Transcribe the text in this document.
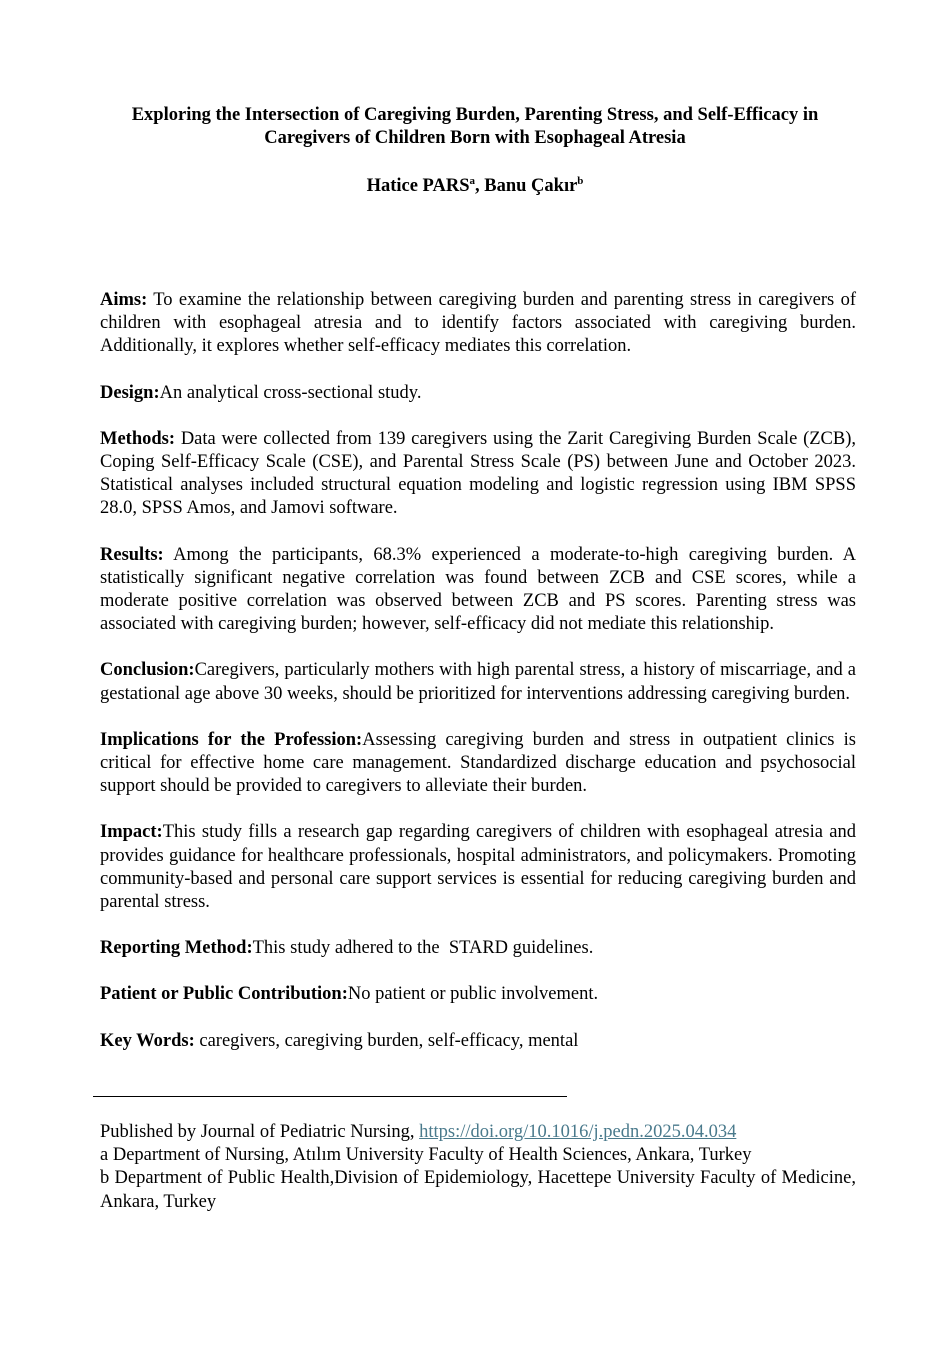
Exploring the Intersection of Caregiving Burden, Parenting Stress, and Self-Efficacy in Caregivers of Children Born with Esophageal Atresia
Hatice PARS$^a$, Banu Çakır$^b$

Aims: To examine the relationship between caregiving burden and parenting stress in caregivers of children with esophageal atresia and to identify factors associated with caregiving burden. Additionally, it explores whether self-efficacy mediates this correlation.

Design:An analytical cross-sectional study.

Methods: Data were collected from 139 caregivers using the Zarit Caregiving Burden Scale (ZCB), Coping Self-Efficacy Scale (CSE), and Parental Stress Scale (PS) between June and October 2023. Statistical analyses included structural equation modeling and logistic regression using IBM SPSS 28.0, SPSS Amos, and Jamovi software.

Results: Among the participants, 68.3% experienced a moderate-to-high caregiving burden. A statistically significant negative correlation was found between ZCB and CSE scores, while a moderate positive correlation was observed between ZCB and PS scores. Parenting stress was associated with caregiving burden; however, self-efficacy did not mediate this relationship.

Conclusion:Caregivers, particularly mothers with high parental stress, a history of miscarriage, and a gestational age above 30 weeks, should be prioritized for interventions addressing caregiving burden.

Implications for the Profession:Assessing caregiving burden and stress in outpatient clinics is critical for effective home care management. Standardized discharge education and psychosocial support should be provided to caregivers to alleviate their burden.

Impact:This study fills a research gap regarding caregivers of children with esophageal atresia and provides guidance for healthcare professionals, hospital administrators, and policymakers. Promoting community-based and personal care support services is essential for reducing caregiving burden and parental stress.

Reporting Method:This study adhered to the  STARD guidelines.

Patient or Public Contribution:No patient or public involvement.

Key Words: caregivers, caregiving burden, self-efficacy, mental

Published by Journal of Pediatric Nursing, https://doi.org/10.1016/j.pedn.2025.04.034

a Department of Nursing, Atılım University Faculty of Health Sciences, Ankara, Turkey

b Department of Public Health,Division of Epidemiology, Hacettepe University Faculty of Medicine, Ankara, Turkey
